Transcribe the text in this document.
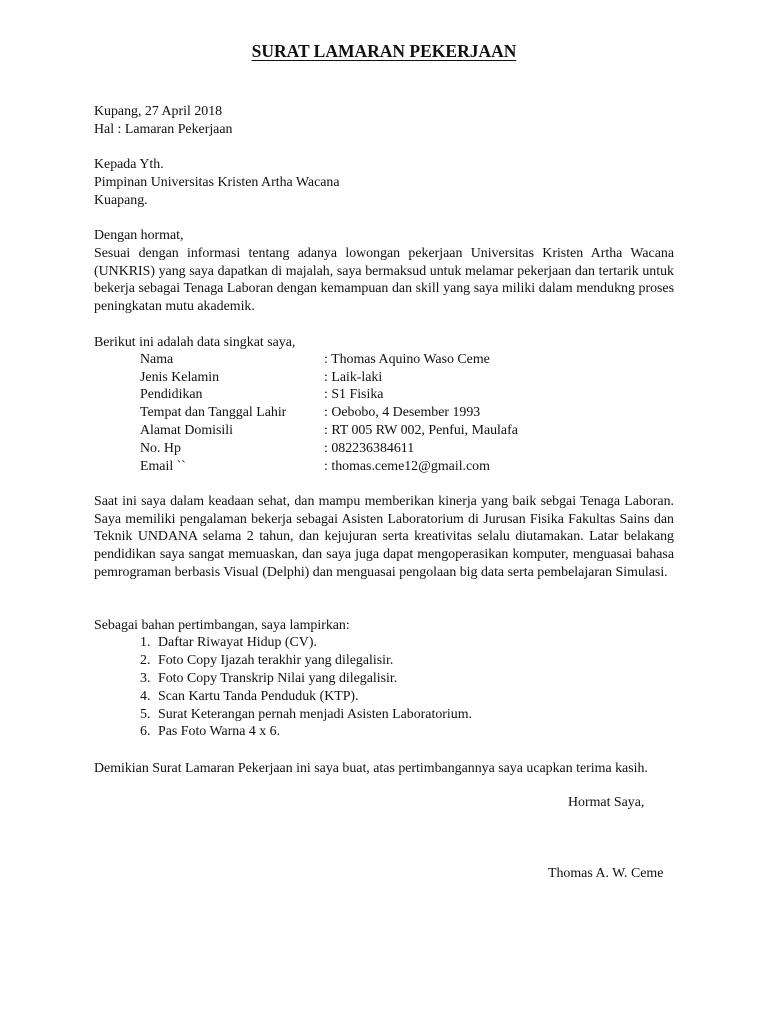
SURAT LAMARAN PEKERJAAN
Kupang, 27 April 2018
Hal : Lamaran Pekerjaan
Kepada Yth.
Pimpinan Universitas Kristen Artha Wacana
Kuapang.
Dengan hormat,
Sesuai dengan informasi tentang adanya lowongan pekerjaan Universitas Kristen Artha Wacana (UNKRIS) yang saya dapatkan di majalah, saya bermaksud untuk melamar pekerjaan dan tertarik untuk bekerja sebagai Tenaga Laboran dengan kemampuan dan skill yang saya miliki dalam mendukng proses peningkatan mutu akademik.
Berikut ini adalah data singkat saya,
Nama	: Thomas Aquino Waso Ceme
Jenis Kelamin	: Laik-laki
Pendidikan	: S1 Fisika
Tempat dan Tanggal Lahir	: Oebobo, 4 Desember 1993
Alamat Domisili	: RT 005 RW 002, Penfui, Maulafa
No. Hp	: 082236384611
Email ``	: thomas.ceme12@gmail.com
Saat ini saya dalam keadaan sehat, dan mampu memberikan kinerja yang baik sebgai Tenaga Laboran. Saya memiliki pengalaman bekerja sebagai Asisten Laboratorium di Jurusan Fisika Fakultas Sains dan Teknik UNDANA selama 2 tahun, dan kejujuran serta kreativitas selalu diutamakan. Latar belakang pendidikan saya sangat memuaskan, dan saya juga dapat mengoperasikan komputer, menguasai bahasa pemrograman berbasis Visual (Delphi) dan menguasai pengolaan big data serta pembelajaran Simulasi.
Sebagai bahan pertimbangan, saya lampirkan:
1. Daftar Riwayat Hidup (CV).
2. Foto Copy Ijazah terakhir yang dilegalisir.
3. Foto Copy Transkrip Nilai yang dilegalisir.
4. Scan Kartu Tanda Penduduk (KTP).
5. Surat Keterangan pernah menjadi Asisten Laboratorium.
6. Pas Foto Warna 4 x 6.
Demikian Surat Lamaran Pekerjaan ini saya buat, atas pertimbangannya saya ucapkan terima kasih.
Hormat Saya,
Thomas A. W. Ceme
